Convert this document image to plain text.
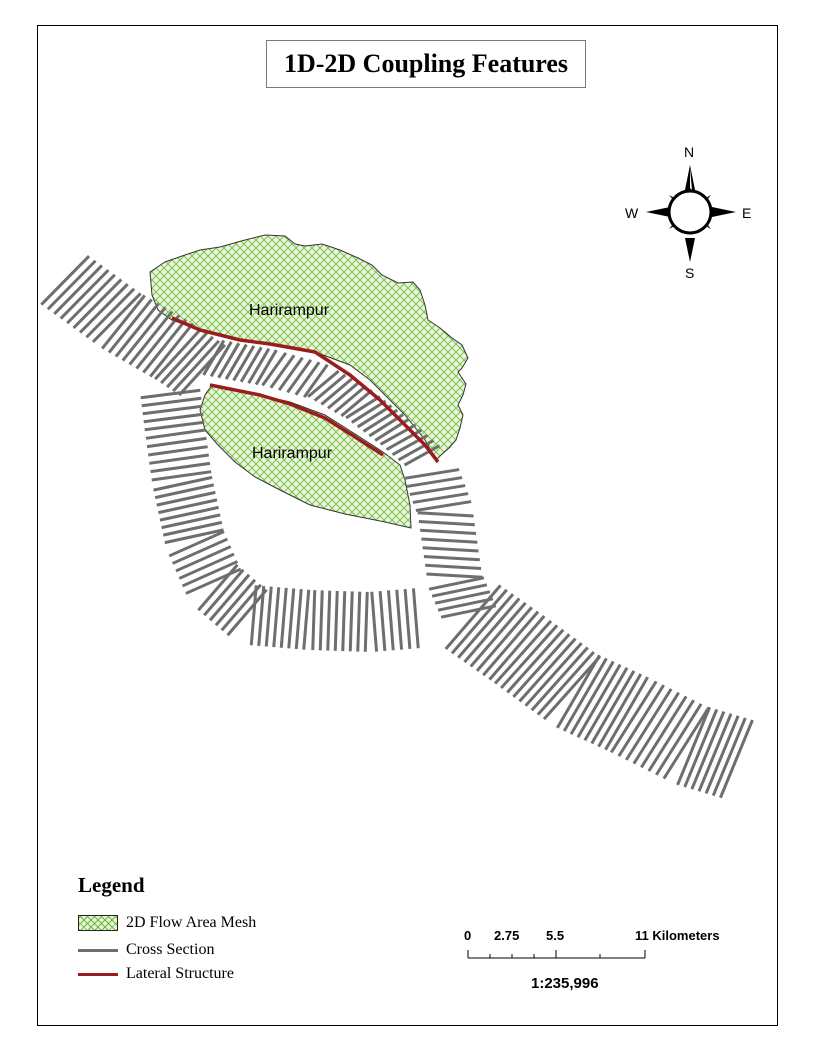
1D-2D Coupling Features
Harirampur
Harirampur
N
S
E
W
Legend
2D Flow Area Mesh
Cross Section
Lateral Structure
0 2.75 5.5	11 Kilometers
1:235,996
